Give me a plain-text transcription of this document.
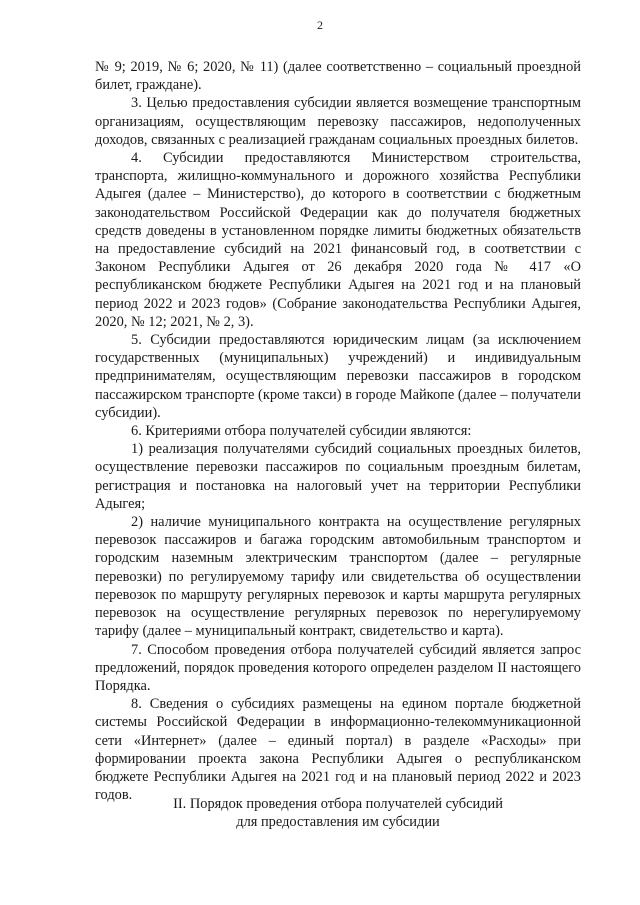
2

№ 9; 2019, № 6; 2020, № 11) (далее соответственно – социальный проездной билет, граждане).

3. Целью предоставления субсидии является возмещение транспортным организациям, осуществляющим перевозку пассажиров, недополученных доходов, связанных с реализацией гражданам социальных проездных билетов.

4. Субсидии предоставляются Министерством строительства, транспорта, жилищно-коммунального и дорожного хозяйства Республики Адыгея (далее – Министерство), до которого в соответствии с бюджетным законодательством Российской Федерации как до получателя бюджетных средств доведены в установленном порядке лимиты бюджетных обязательств на предоставление субсидий на 2021 финансовый год, в соответствии с Законом Республики Адыгея от 26 декабря 2020 года № 417 «О республиканском бюджете Республики Адыгея на 2021 год и на плановый период 2022 и 2023 годов» (Собрание законодательства Республики Адыгея, 2020, № 12; 2021, № 2, 3).

5. Субсидии предоставляются юридическим лицам (за исключением государственных (муниципальных) учреждений) и индивидуальным предпринимателям, осуществляющим перевозки пассажиров в городском пассажирском транспорте (кроме такси) в городе Майкопе (далее – получатели субсидии).

6. Критериями отбора получателей субсидии являются:

1) реализация получателями субсидий социальных проездных билетов, осуществление перевозки пассажиров по социальным проездным билетам, регистрация и постановка на налоговый учет на территории Республики Адыгея;

2) наличие муниципального контракта на осуществление регулярных перевозок пассажиров и багажа городским автомобильным транспортом и городским наземным электрическим транспортом (далее – регулярные перевозки) по регулируемому тарифу или свидетельства об осуществлении перевозок по маршруту регулярных перевозок и карты маршрута регулярных перевозок на осуществление регулярных перевозок по нерегулируемому тарифу (далее – муниципальный контракт, свидетельство и карта).

7. Способом проведения отбора получателей субсидий является запрос предложений, порядок проведения которого определен разделом II настоящего Порядка.

8. Сведения о субсидиях размещены на едином портале бюджетной системы Российской Федерации в информационно-телекоммуникационной сети «Интернет» (далее – единый портал) в разделе «Расходы» при формировании проекта закона Республики Адыгея о республиканском бюджете Республики Адыгея на 2021 год и на плановый период 2022 и 2023 годов.

II. Порядок проведения отбора получателей субсидий
для предоставления им субсидии
